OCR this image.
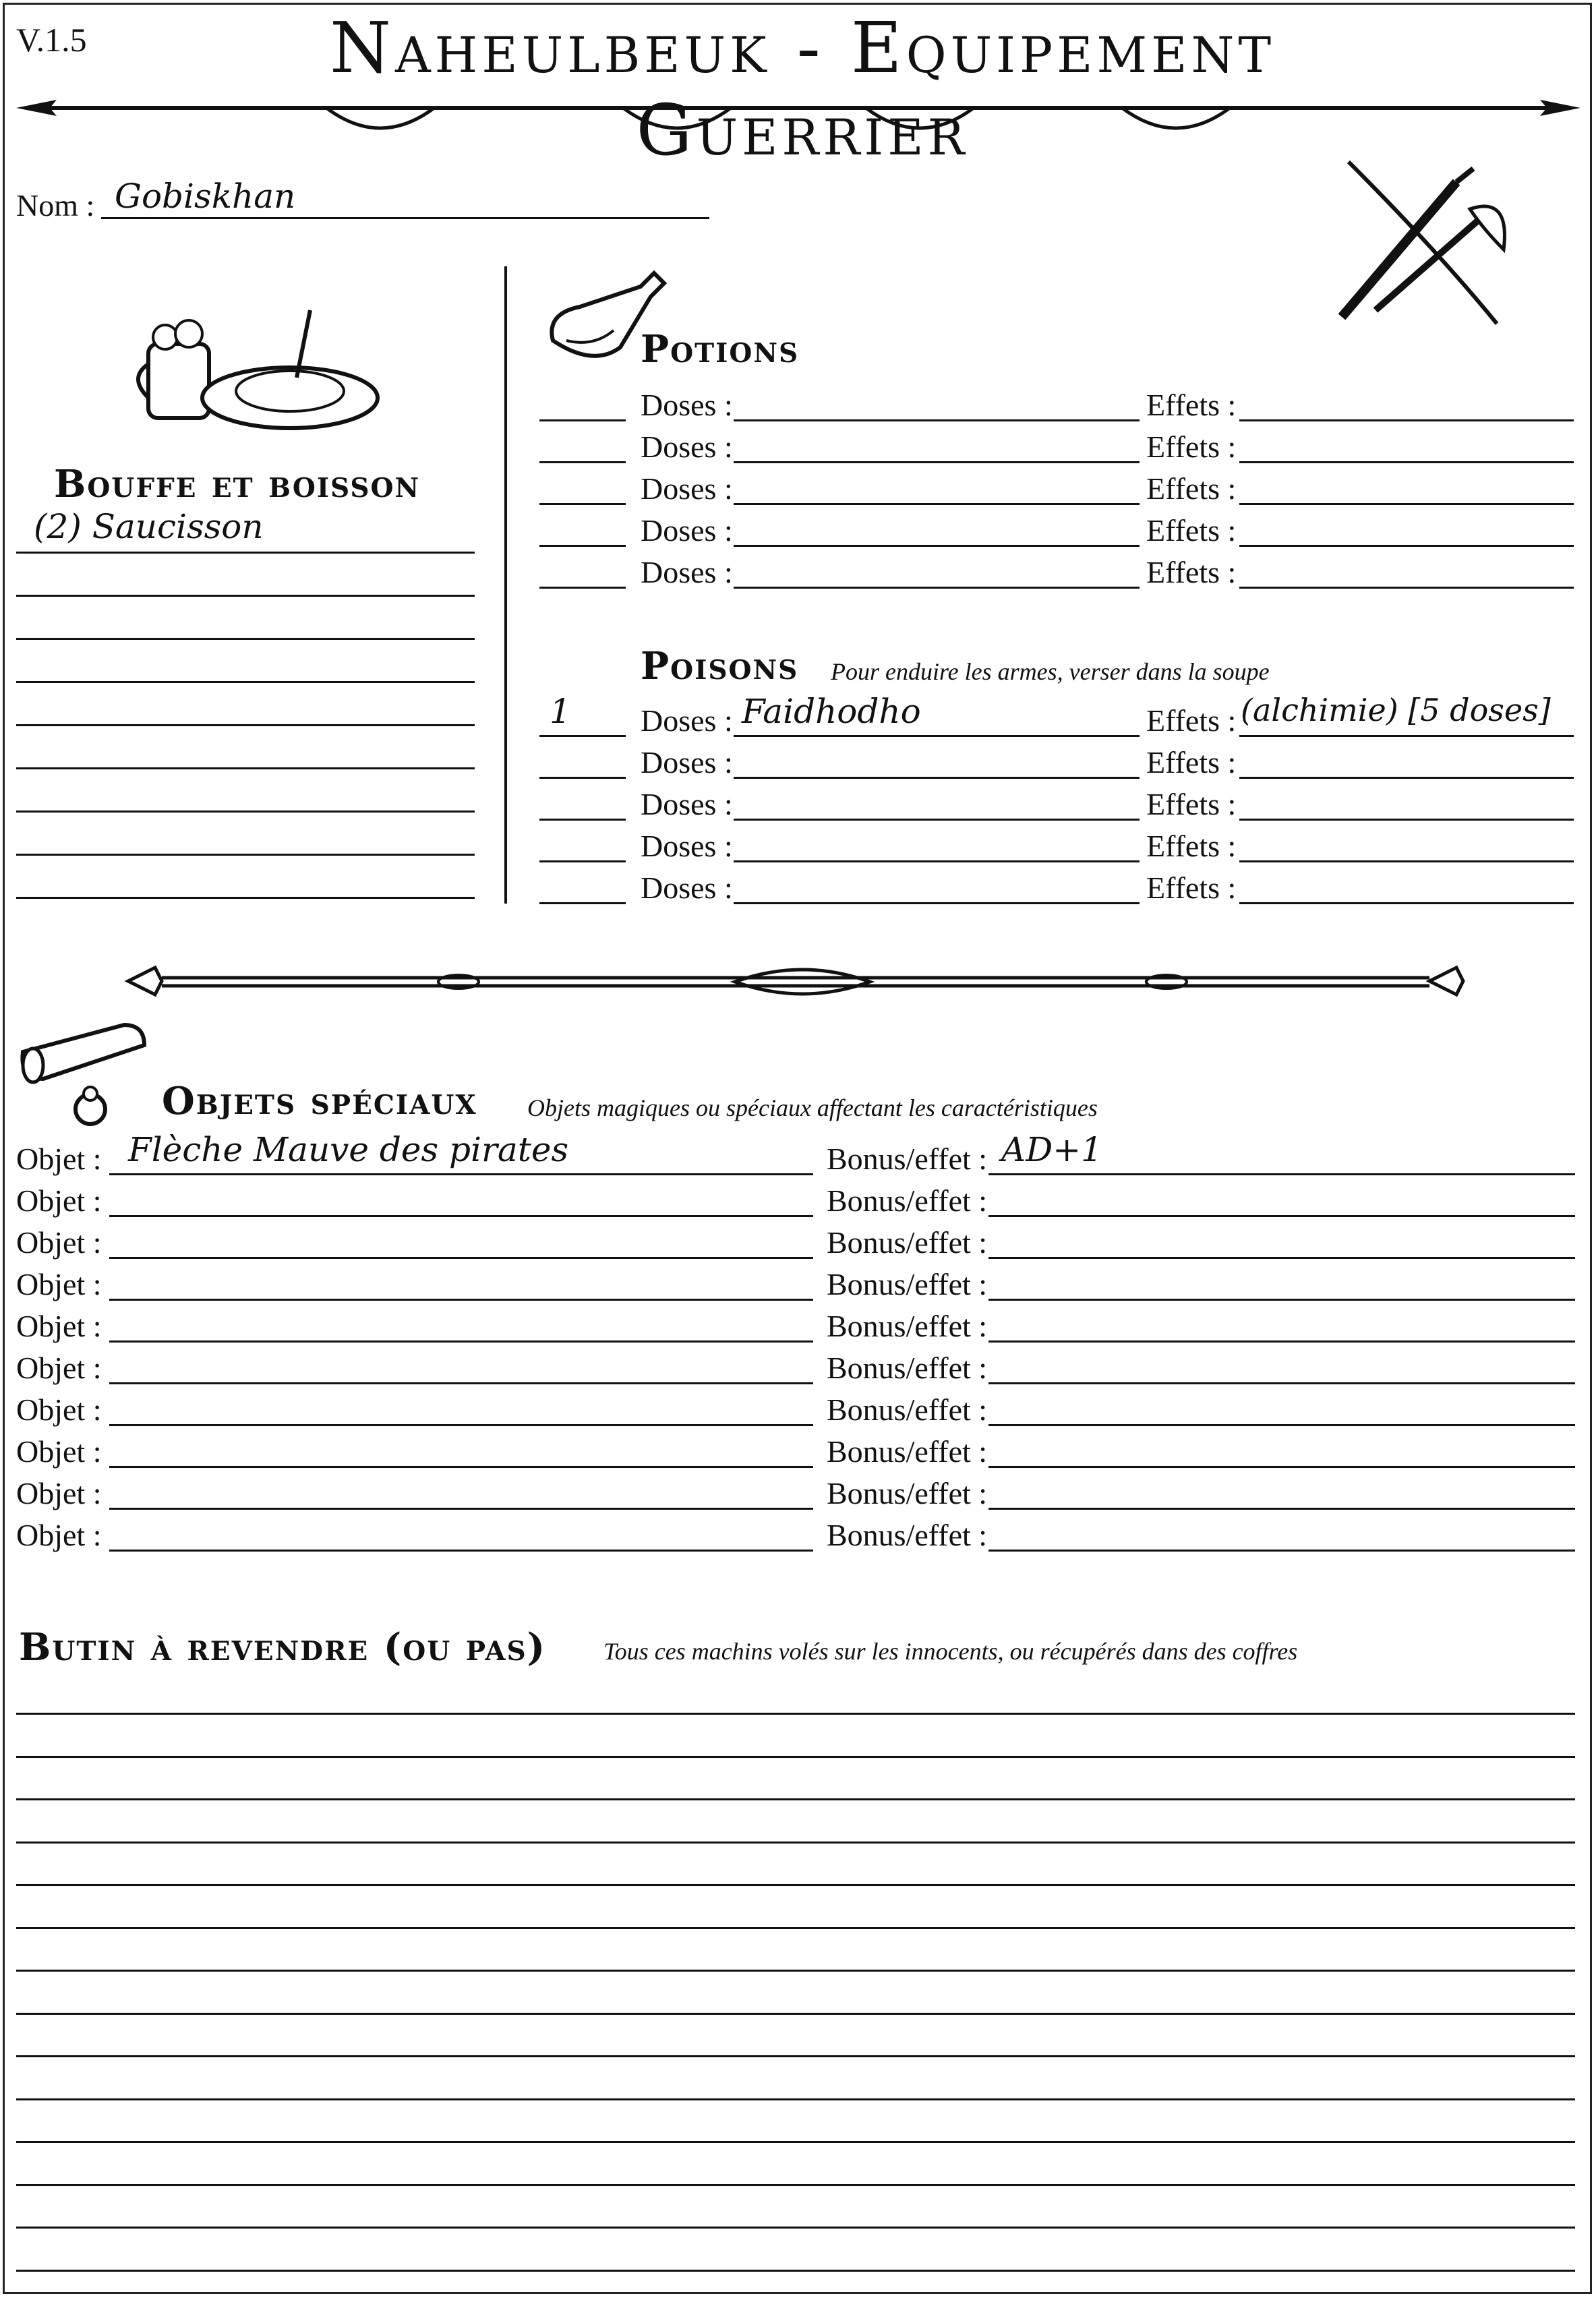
V.1.5	Naheulbeuk - Equipement Guerrier
Nom : Gobiskhan
Bouffe et boisson
Potions
Poisons Pour enduire les armes, verser dans la soupe
Objets spéciaux Objets magiques ou spéciaux affectant les caractéristiques
Butin à revendre (ou pas) Tous ces machins volés sur les innocents, ou récupérés dans des coffres
(2) Saucisson
Doses :	Effets :
Doses :	Effets :
Doses :	Effets :
Doses :	Effets :
Doses :	Effets :
1 Doses : Faidhodho	Effets : (alchimie) [5 doses]
Doses :	Effets :
Doses :	Effets :
Doses :	Effets :
Doses :	Effets :
Objet : Flèche Mauve des pirates	Bonus/effet : AD+1
Objet :	Bonus/effet :
Objet :	Bonus/effet :
Objet :	Bonus/effet :
Objet :	Bonus/effet :
Objet :	Bonus/effet :
Objet :	Bonus/effet :
Objet :	Bonus/effet :
Objet :	Bonus/effet :
Objet :	Bonus/effet :
